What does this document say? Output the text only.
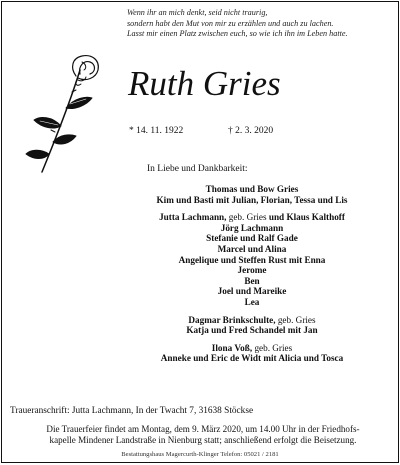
Wenn ihr an mich denkt, seid nicht traurig,
sondern habt den Mut von mir zu erzählen und auch zu lachen.
Lasst mir einen Platz zwischen euch, so wie ich ihn im Leben hatte.
Ruth Gries
* 14. 11. 1922	† 2. 3. 2020
In Liebe und Dankbarkeit:
Thomas und Bow Gries
Kim und Basti mit Julian, Florian, Tessa und Lis
Jutta Lachmann, geb. Gries und Klaus Kalthoff
Jörg Lachmann
Stefanie und Ralf Gade
Marcel und Alina
Angelique und Steffen Rust mit Enna
Jerome
Ben
Joel und Mareike
Lea
Dagmar Brinkschulte, geb. Gries
Katja und Fred Schandel mit Jan
Ilona Voß, geb. Gries
Anneke und Eric de Widt mit Alicia und Tosca
Traueranschrift: Jutta Lachmann, In der Twacht 7, 31638 Stöckse
Die Trauerfeier findet am Montag, dem 9. März 2020, um 14.00 Uhr in der Friedhofs-
kapelle Mindener Landstraße in Nienburg statt; anschließend erfolgt die Beisetzung.
Bestattungshaus Magercurth-Klinger Telefon: 05021 / 2181
